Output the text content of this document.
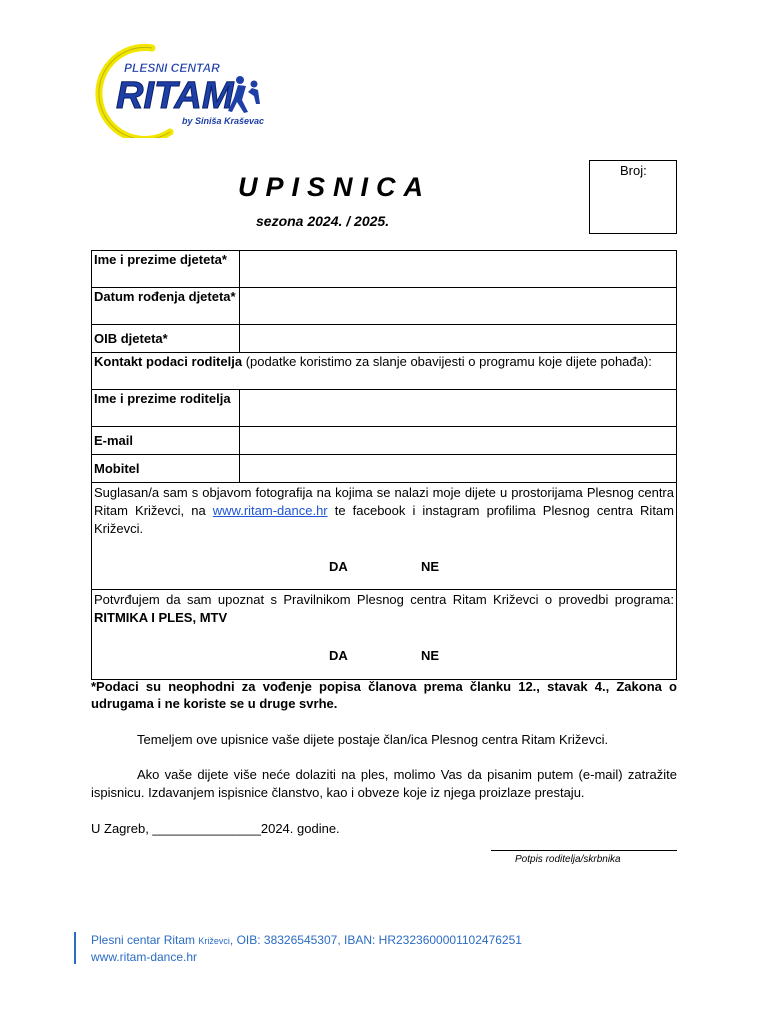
PLESNI CENTAR
RITAM
by Siniša Kraševac
UPISNICA
sezona 2024. / 2025.
Broj:
Ime i prezime djeteta*	
Datum rođenja djeteta*	
OIB djeteta*	
Kontakt podaci roditelja (podatke koristimo za slanje obavijesti o programu koje dijete pohađa):	
Ime i prezime roditelja	
E-mail	
Mobitel	
Suglasan/a sam s objavom fotografija na kojima se nalazi moje dijete u prostorijama Plesnog centra Ritam Križevci, na www.ritam-dance.hr te facebook i instagram profilima Plesnog centra Ritam Križevci.
DA NE	

Potvrđujem da sam upoznat s Pravilnikom Plesnog centra Ritam Križevci o provedbi programa: RITMIKA I PLES, MTV
DA NE	
*Podaci su neophodni za vođenje popisa članova prema članku 12., stavak 4., Zakona o udrugama i ne koriste se u druge svrhe.
Temeljem ove upisnice vaše dijete postaje član/ica Plesnog centra Ritam Križevci.
Ako vaše dijete više neće dolaziti na ples, molimo Vas da pisanim putem (e-mail) zatražite ispisnicu. Izdavanjem ispisnice članstvo, kao i obveze koje iz njega proizlaze prestaju.
U Zagreb, _______________2024. godine.
Potpis roditelja/skrbnika
Plesni centar Ritam Križevci, OIB: 38326545307, IBAN: HR2323600001102476251
www.ritam-dance.hr
